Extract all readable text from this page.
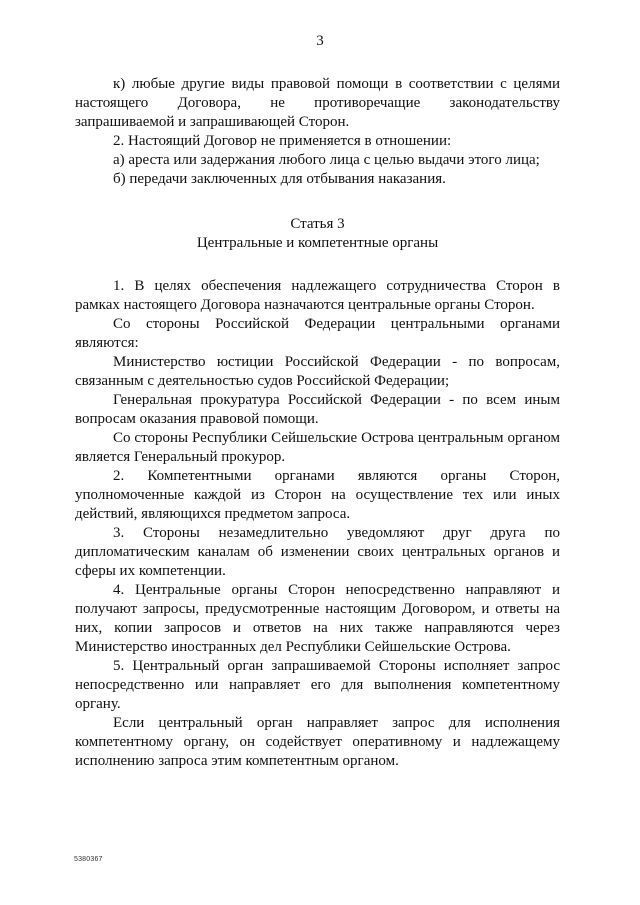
3

к) любые другие виды правовой помощи в соответствии с целями настоящего Договора, не противоречащие законодательству запрашиваемой и запрашивающей Сторон.

2. Настоящий Договор не применяется в отношении:

а) ареста или задержания любого лица с целью выдачи этого лица;

б) передачи заключенных для отбывания наказания.

Статья 3

Центральные и компетентные органы

1. В целях обеспечения надлежащего сотрудничества Сторон в рамках настоящего Договора назначаются центральные органы Сторон.

Со стороны Российской Федерации центральными органами являются:

Министерство юстиции Российской Федерации - по вопросам, связанным с деятельностью судов Российской Федерации;

Генеральная прокуратура Российской Федерации - по всем иным вопросам оказания правовой помощи.

Со стороны Республики Сейшельские Острова центральным органом является Генеральный прокурор.

2. Компетентными органами являются органы Сторон, уполномоченные каждой из Сторон на осуществление тех или иных действий, являющихся предметом запроса.

3. Стороны незамедлительно уведомляют друг друга по дипломатическим каналам об изменении своих центральных органов и сферы их компетенции.

4. Центральные органы Сторон непосредственно направляют и получают запросы, предусмотренные настоящим Договором, и ответы на них, копии запросов и ответов на них также направляются через Министерство иностранных дел Республики Сейшельские Острова.

5. Центральный орган запрашиваемой Стороны исполняет запрос непосредственно или направляет его для выполнения компетентному органу.

Если центральный орган направляет запрос для исполнения компетентному органу, он содействует оперативному и надлежащему исполнению запроса этим компетентным органом.

5380367
